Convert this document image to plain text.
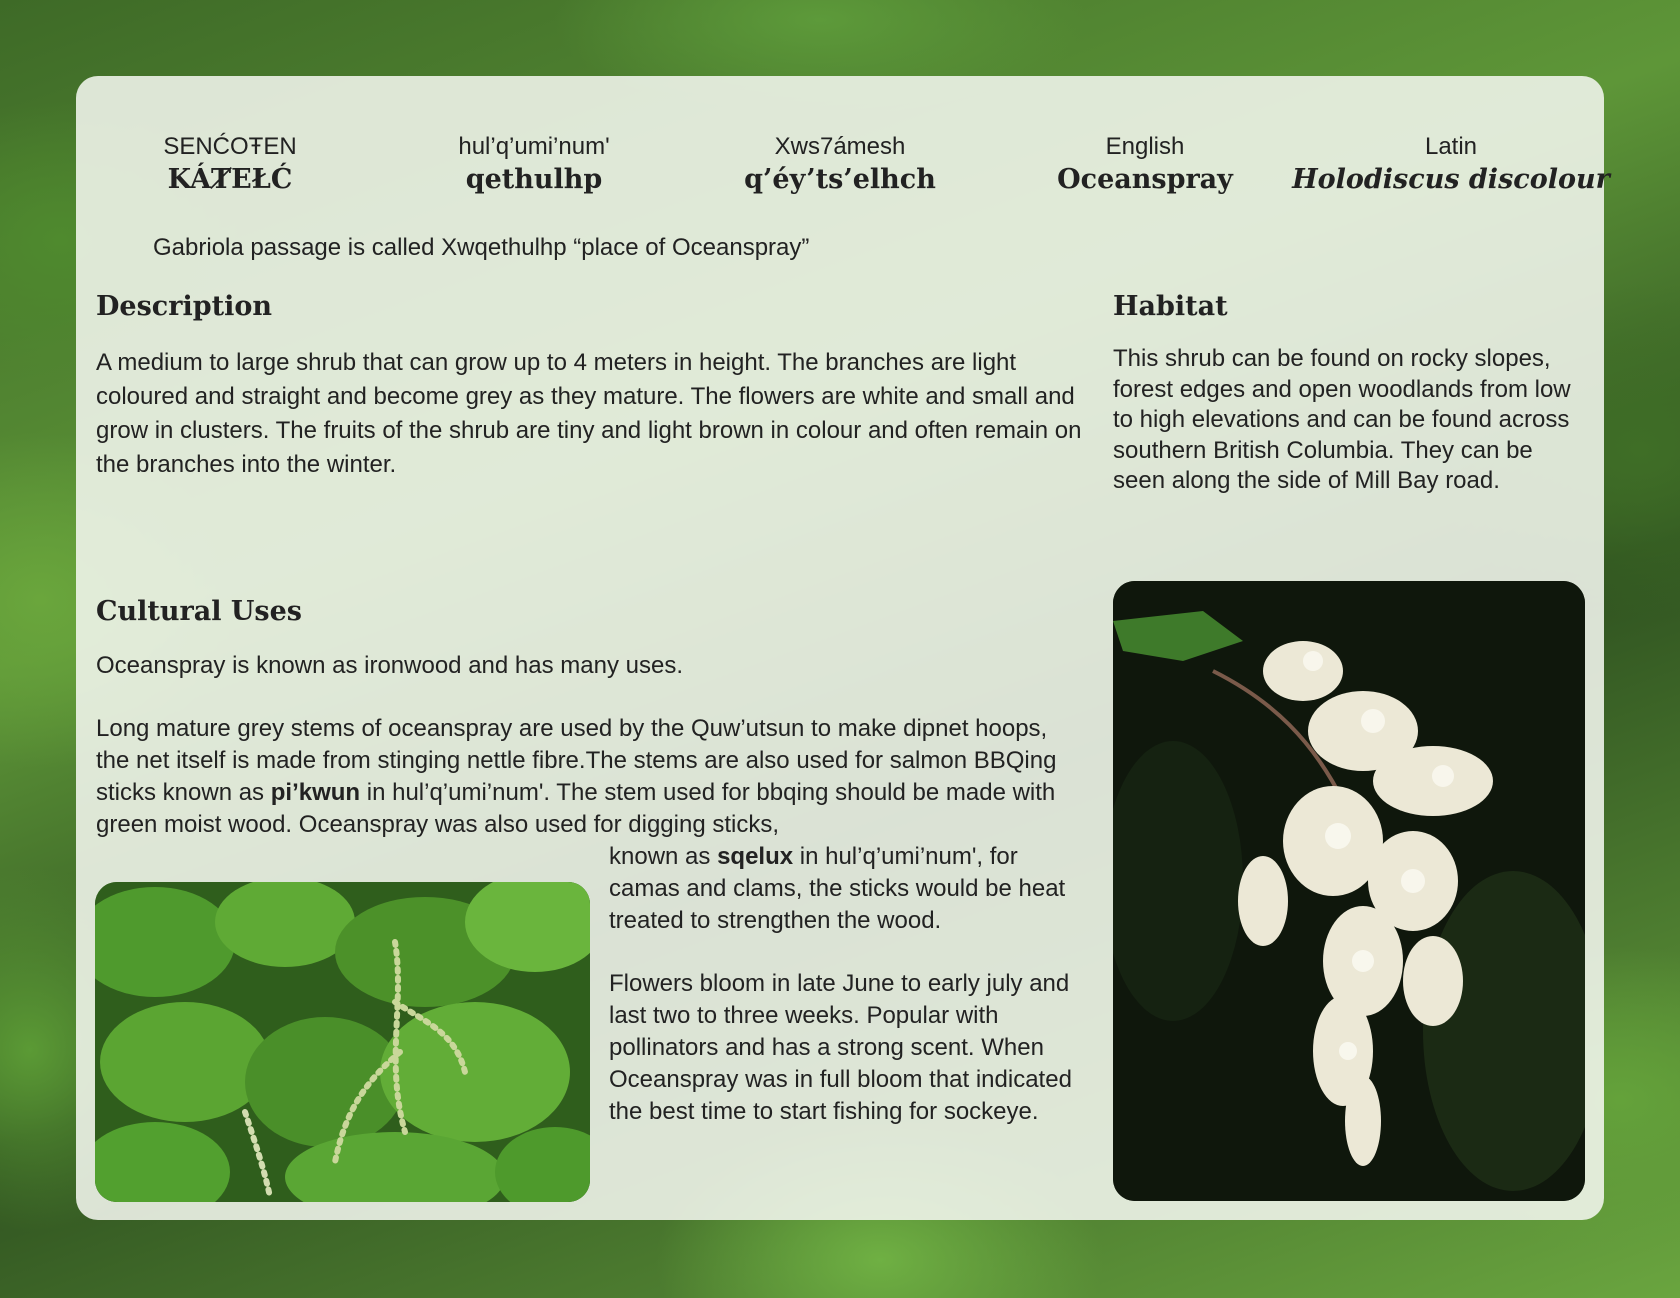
SENĆOŦEN
KÁȾEŁĆ
hul’q’umi’num'
qethulhp
Xws7ámesh
q’éy’ts’elhch
English
Oceanspray
Latin
Holodiscus discolour
Gabriola passage is called Xwqethulhp “place of Oceanspray”
Description

A medium to large shrub that can grow up to 4 meters in height. The branches are light coloured and straight and become grey as they mature. The flowers are white and small and grow in clusters. The fruits of the shrub are tiny and light brown in colour and often remain on the branches into the winter.

Habitat

This shrub can be found on rocky slopes, forest edges and open woodlands from low to high elevations and can be found across southern British Columbia. They can be seen along the side of Mill Bay road.

Cultural Uses

Oceanspray is known as ironwood and has many uses.

Long mature grey stems of oceanspray are used by the Quw’utsun to make dipnet hoops, the net itself is made from stinging nettle fibre.The stems are also used for salmon BBQing sticks known as pi’kwun in hul’q’umi’num'. The stem used for bbqing should be made with green moist wood. Oceanspray was also used for digging sticks,

known as sqelux in hul’q’umi’num', for camas and clams, the sticks would be heat treated to strengthen the wood.

Flowers bloom in late June to early july and last two to three weeks. Popular with pollinators and has a strong scent. When Oceanspray was in full bloom that indicated the best time to start fishing for sockeye.
